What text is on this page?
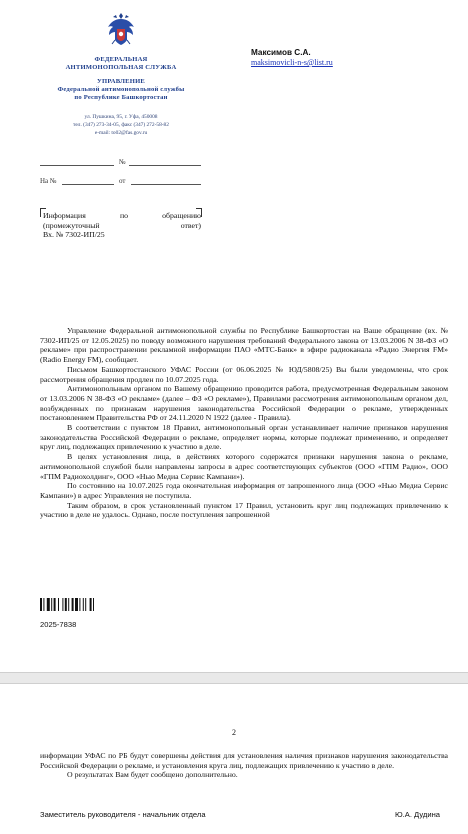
ФЕДЕРАЛЬНАЯ
АНТИМОНОПОЛЬНАЯ СЛУЖБА
УПРАВЛЕНИЕ
Федеральной антимонопольной службы
по Республике Башкортостан
ул. Пушкина, 95, г. Уфа, 450008
тел. (347) 273-34-05, факс (347) 272-58-82
e-mail: to02@fas.gov.ru
Максимов С.А.
maksimovicli-n-s@list.ru
№
На №	от
Информация	по	обращению
(промежуточный	ответ)
Вх. № 7302-ИП/25

Управление Федеральной антимонопольной службы по Республике Башкортостан на Ваше обращение (вх. № 7302-ИП/25 от 12.05.2025) по поводу возможного нарушения требований Федерального закона от 13.03.2006 N 38-ФЗ «О рекламе» при распространении рекламной информации ПАО «МТС-Банк» в эфире радиоканала «Радио Энергия FM» (Radio Energy FM), сообщает.

Письмом Башкортостанского УФАС России (от 06.06.2025 № ЮД/5808/25) Вы были уведомлены, что срок рассмотрения обращения продлен по 10.07.2025 года.

Антимонопольным органом по Вашему обращению проводится работа, предусмотренная Федеральным законом от 13.03.2006 N 38-ФЗ «О рекламе» (далее – ФЗ «О рекламе»), Правилами рассмотрения антимонопольным органом дел, возбужденных по признакам нарушения законодательства Российской Федерации о рекламе, утвержденных постановлением Правительства РФ от 24.11.2020 N 1922 (далее - Правила).

В соответствии с пунктом 18 Правил, антимонопольный орган устанавливает наличие признаков нарушения законодательства Российской Федерации о рекламе, определяет нормы, которые подлежат применению, и определяет круг лиц, подлежащих привлечению к участию в деле.

В целях установления лица, в действиях которого содержатся признаки нарушения закона о рекламе, антимонопольной службой были направлены запросы в адрес соответствующих субъектов (ООО «ГПМ Радио», ООО «ГПМ Радиохолдинг», ООО «Нью Медиа Сервис Кампани»).

По состоянию на 10.07.2025 года окончательная информация от запрошенного лица (ООО «Нью Медиа Сервис Кампани») в адрес Управления не поступила.

Таким образом, в срок установленный пунктом 17 Правил, установить круг лиц подлежащих привлечению к участию в деле не удалось. Однако, после поступления запрошенной

2025-7838
2

информации УФАС по РБ будут совершены действия для установления наличия признаков нарушения законодательства Российской Федерации о рекламе, и установления круга лиц, подлежащих привлечению к участию в деле.

О результатах Вам будет сообщено дополнительно.

Заместитель руководителя - начальник отдела	Ю.А. Дудина
